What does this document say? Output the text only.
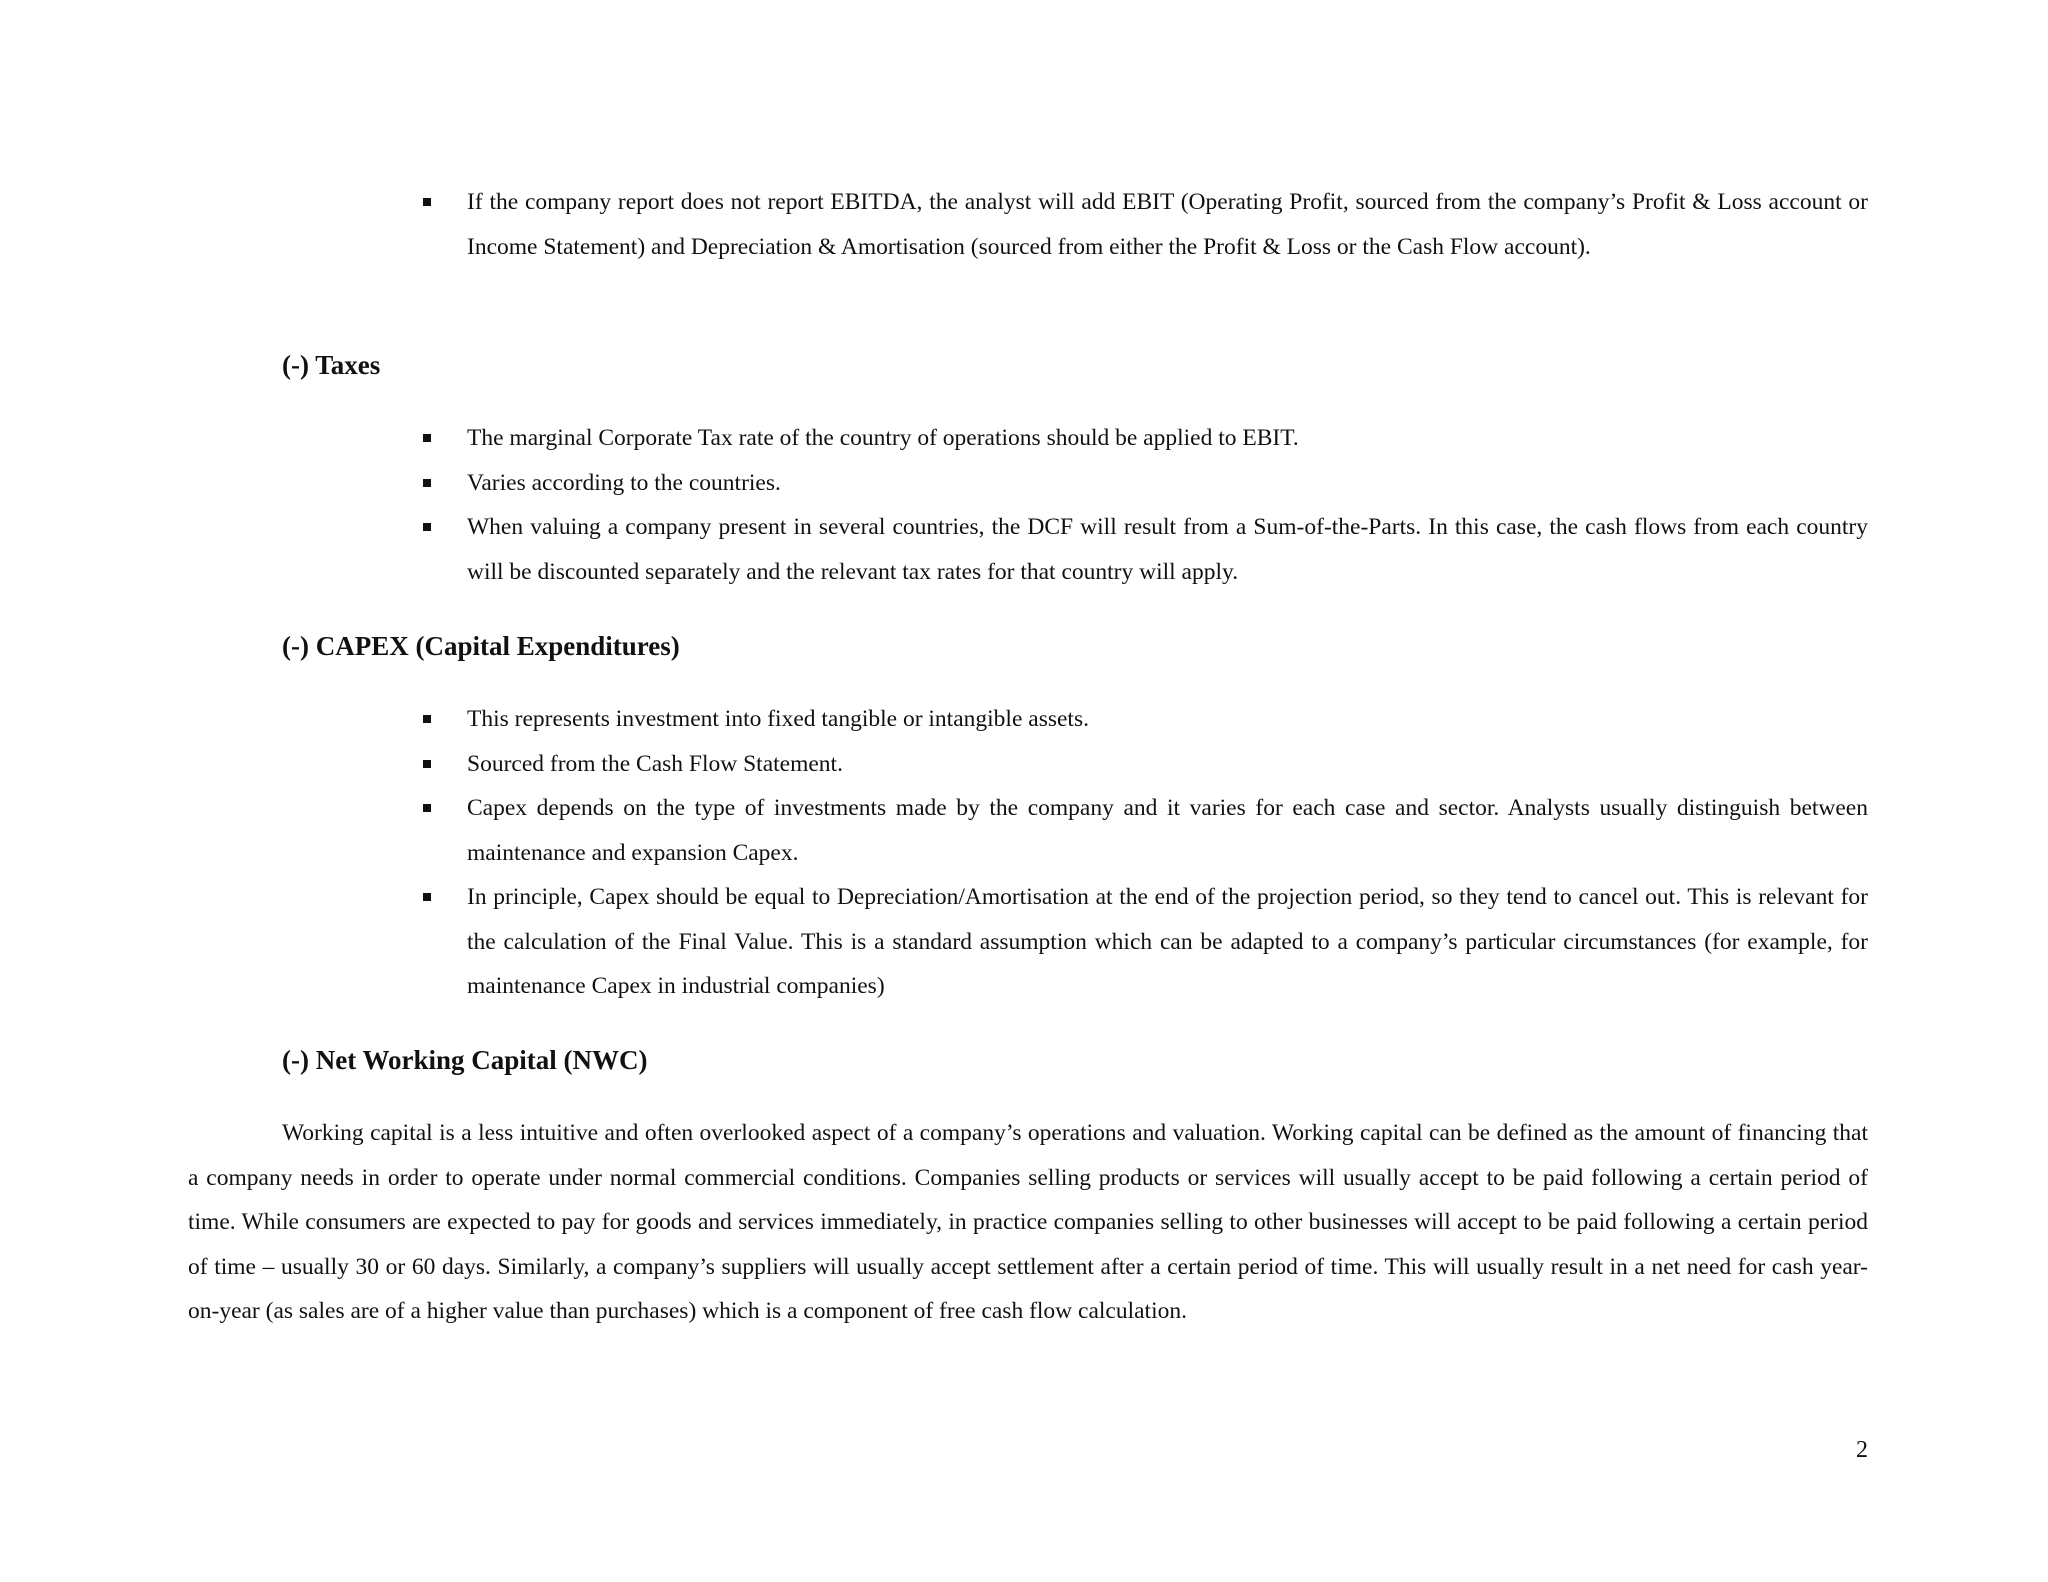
If the company report does not report EBITDA, the analyst will add EBIT (Operating Profit, sourced from the company’s Profit & Loss account or Income Statement) and Depreciation & Amortisation (sourced from either the Profit & Loss or the Cash Flow account).
(-) Taxes
The marginal Corporate Tax rate of the country of operations should be applied to EBIT.
Varies according to the countries.
When valuing a company present in several countries, the DCF will result from a Sum-of-the-Parts. In this case, the cash flows from each country will be discounted separately and the relevant tax rates for that country will apply.
(-) CAPEX (Capital Expenditures)
This represents investment into fixed tangible or intangible assets.
Sourced from the Cash Flow Statement.
Capex depends on the type of investments made by the company and it varies for each case and sector. Analysts usually distinguish between maintenance and expansion Capex.
In principle, Capex should be equal to Depreciation/Amortisation at the end of the projection period, so they tend to cancel out. This is relevant for the calculation of the Final Value. This is a standard assumption which can be adapted to a company’s particular circumstances (for example, for maintenance Capex in industrial companies)
(-) Net Working Capital (NWC)

Working capital is a less intuitive and often overlooked aspect of a company’s operations and valuation. Working capital can be defined as the amount of financing that a company needs in order to operate under normal commercial conditions. Companies selling products or services will usually accept to be paid following a certain period of time. While consumers are expected to pay for goods and services immediately, in practice companies selling to other businesses will accept to be paid following a certain period of time – usually 30 or 60 days. Similarly, a company’s suppliers will usually accept settlement after a certain period of time. This will usually result in a net need for cash year-on-year (as sales are of a higher value than purchases) which is a component of free cash flow calculation.

2
